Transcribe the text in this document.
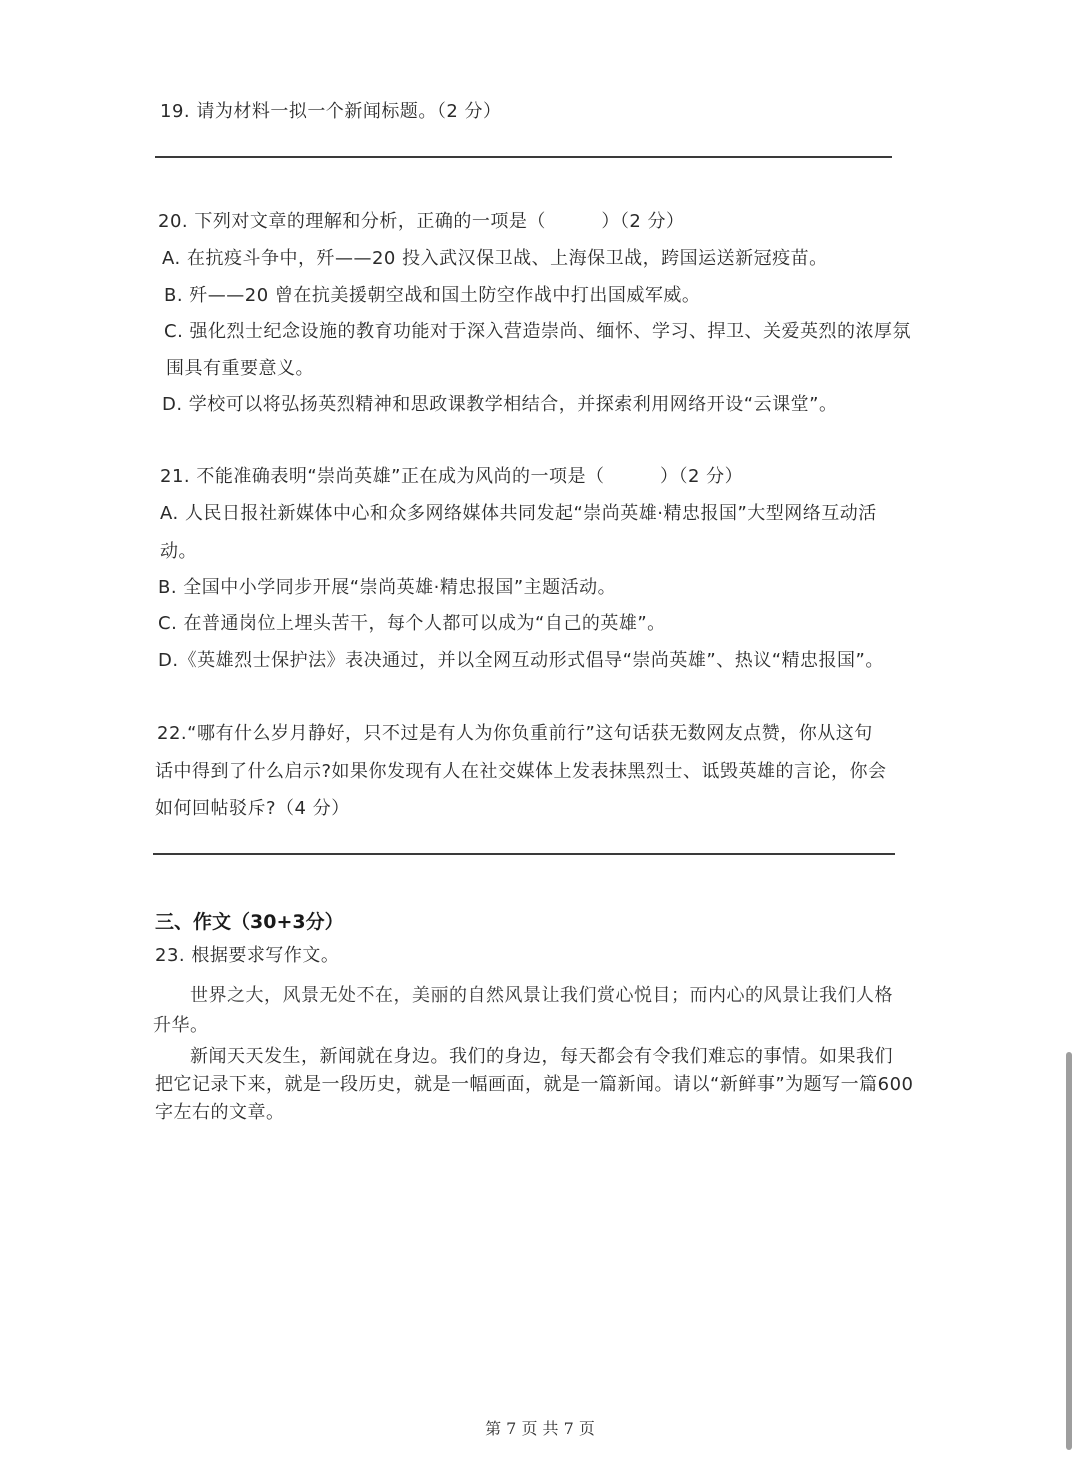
19. 请为材料一拟一个新闻标题。（2 分）
20. 下列对文章的理解和分析，正确的一项是（　　　）（2 分）
A. 在抗疫斗争中，歼——20 投入武汉保卫战、上海保卫战，跨国运送新冠疫苗。
B. 歼——20 曾在抗美援朝空战和国土防空作战中打出国威军威。
C. 强化烈士纪念设施的教育功能对于深入营造崇尚、缅怀、学习、捍卫、关爱英烈的浓厚氛
围具有重要意义。
D. 学校可以将弘扬英烈精神和思政课教学相结合，并探索利用网络开设“云课堂”。
21. 不能准确表明“崇尚英雄”正在成为风尚的一项是（　　　）（2 分）
A. 人民日报社新媒体中心和众多网络媒体共同发起“崇尚英雄·精忠报国”大型网络互动活
动。
B. 全国中小学同步开展“崇尚英雄·精忠报国”主题活动。
C. 在普通岗位上埋头苦干，每个人都可以成为“自己的英雄”。
D.《英雄烈士保护法》表决通过，并以全网互动形式倡导“崇尚英雄”、热议“精忠报国”。
22.“哪有什么岁月静好，只不过是有人为你负重前行”这句话获无数网友点赞，你从这句
话中得到了什么启示?如果你发现有人在社交媒体上发表抹黑烈士、诋毁英雄的言论，你会
如何回帖驳斥?（4 分）
三、作文（30+3分）
23. 根据要求写作文。
世界之大，风景无处不在，美丽的自然风景让我们赏心悦目；而内心的风景让我们人格
升华。
新闻天天发生，新闻就在身边。我们的身边，每天都会有令我们难忘的事情。如果我们
把它记录下来，就是一段历史，就是一幅画面，就是一篇新闻。请以“新鲜事”为题写一篇600
字左右的文章。
第 7 页 共 7 页
